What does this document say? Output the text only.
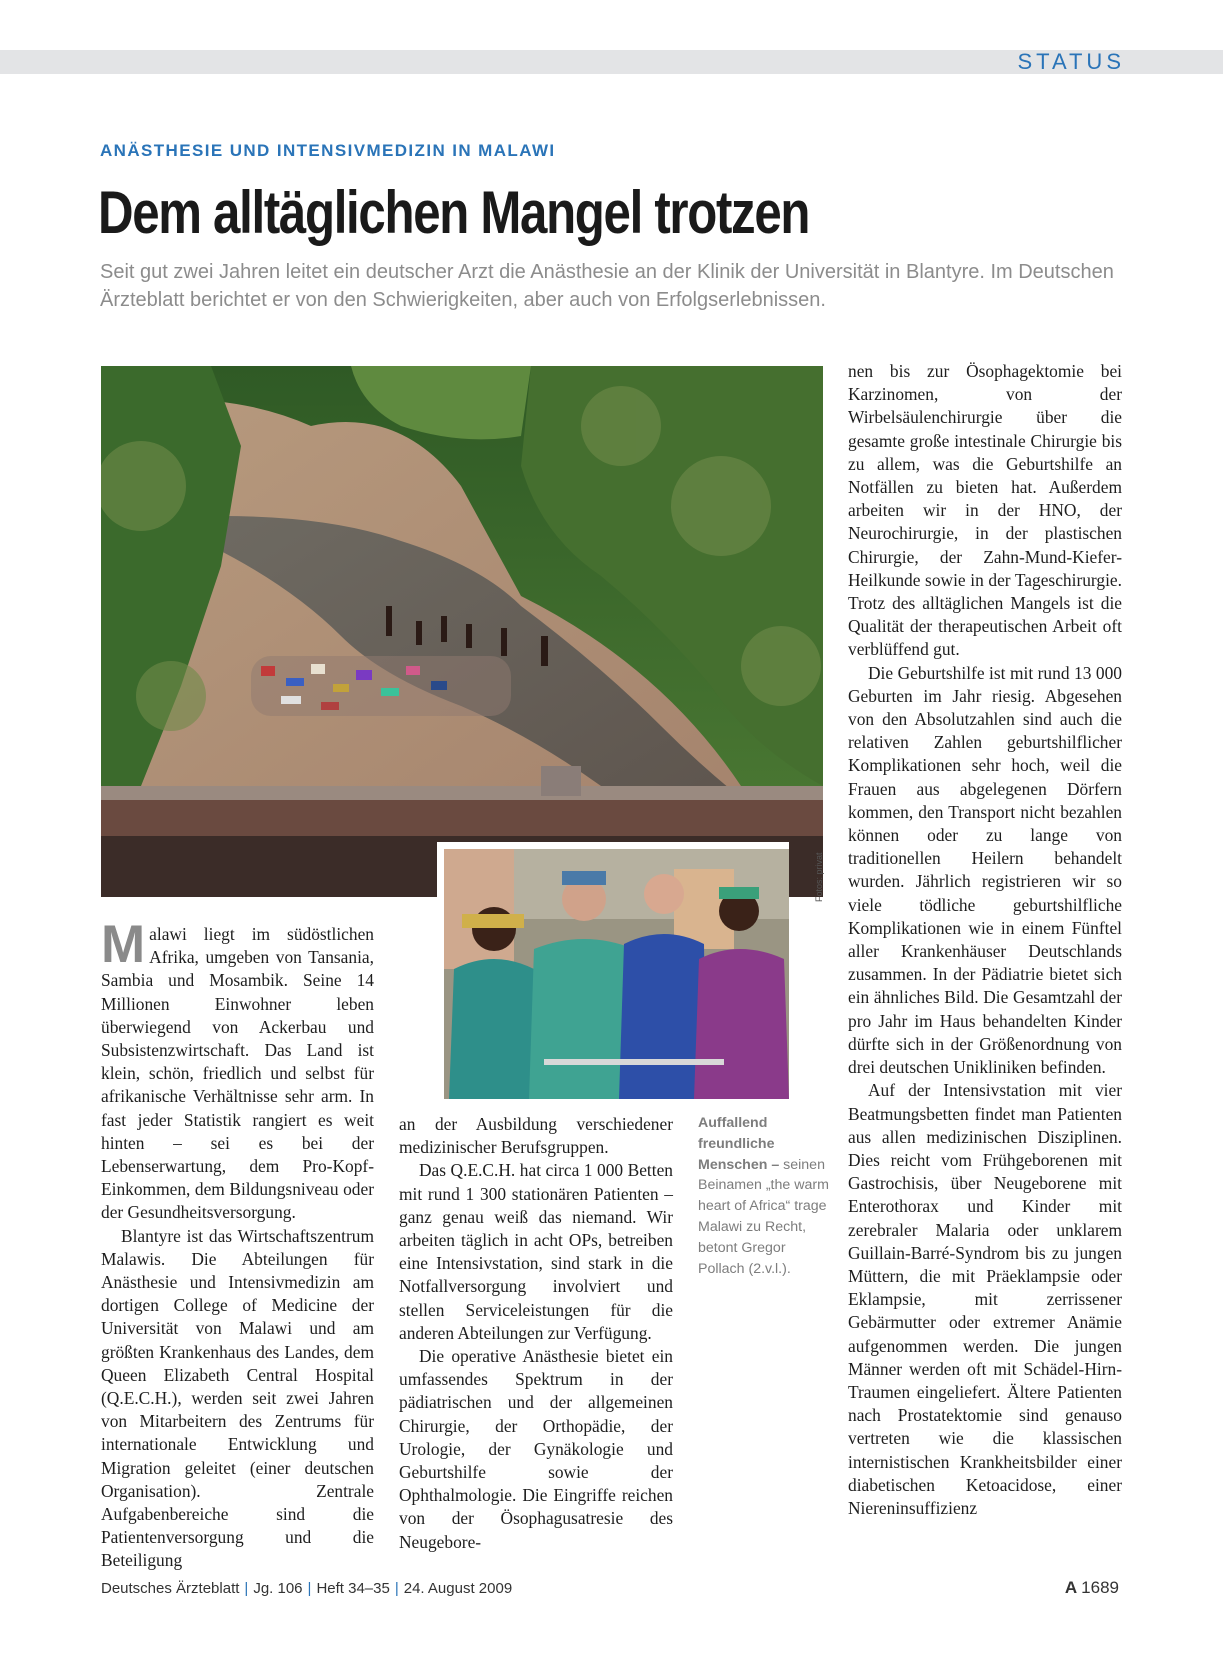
STATUS
ANÄSTHESIE UND INTENSIVMEDIZIN IN MALAWI
Dem alltäglichen Mangel trotzen
Seit gut zwei Jahren leitet ein deutscher Arzt die Anästhesie an der Klinik der Universität in Blantyre. Im Deutschen Ärzteblatt berichtet er von den Schwierigkeiten, aber auch von Erfolgserlebnissen.
Fotos: privat

Malawi liegt im südöstlichen Afrika, umgeben von Tansania, Sambia und Mosambik. Seine 14 Millionen Einwohner leben überwiegend von Ackerbau und Subsistenzwirtschaft. Das Land ist klein, schön, friedlich und selbst für afrikanische Verhältnisse sehr arm. In fast jeder Statistik rangiert es weit hinten – sei es bei der Lebenserwartung, dem Pro-Kopf-Einkommen, dem Bildungsniveau oder der Gesundheitsversorgung.

Blantyre ist das Wirtschaftszentrum Malawis. Die Abteilungen für Anästhesie und Intensivmedizin am dortigen College of Medicine der Universität von Malawi und am größten Krankenhaus des Landes, dem Queen Elizabeth Central Hospital (Q.E.C.H.), werden seit zwei Jahren von Mitarbeitern des Zentrums für internationale Entwicklung und Migration geleitet (einer deutschen Organisation). Zentrale Aufgabenbereiche sind die Patientenversorgung und die Beteiligung

an der Ausbildung verschiedener medizinischer Berufsgruppen.

Das Q.E.C.H. hat circa 1 000 Betten mit rund 1 300 stationären Patienten – ganz genau weiß das niemand. Wir arbeiten täglich in acht OPs, betreiben eine Intensivstation, sind stark in die Notfallversorgung involviert und stellen Serviceleistungen für die anderen Abteilungen zur Verfügung.

Die operative Anästhesie bietet ein umfassendes Spektrum in der pädiatrischen und der allgemeinen Chirurgie, der Orthopädie, der Urologie, der Gynäkologie und Geburtshilfe sowie der Ophthalmologie. Die Eingriffe reichen von der Ösophagusatresie des Neugebore-

Auffallend freundliche Menschen – seinen Beinamen „the warm heart of Africa“ trage Malawi zu Recht, betont Gregor Pollach (2.v.l.).

nen bis zur Ösophagektomie bei Karzinomen, von der Wirbelsäulenchirurgie über die gesamte große intestinale Chirurgie bis zu allem, was die Geburtshilfe an Notfällen zu bieten hat. Außerdem arbeiten wir in der HNO, der Neurochirurgie, in der plastischen Chirurgie, der Zahn-Mund-Kiefer-Heilkunde sowie in der Tageschirurgie. Trotz des alltäglichen Mangels ist die Qualität der therapeutischen Arbeit oft verblüffend gut.

Die Geburtshilfe ist mit rund 13 000 Geburten im Jahr riesig. Abgesehen von den Absolutzahlen sind auch die relativen Zahlen geburtshilflicher Komplikationen sehr hoch, weil die Frauen aus abgelegenen Dörfern kommen, den Transport nicht bezahlen können oder zu lange von traditionellen Heilern behandelt wurden. Jährlich registrieren wir so viele tödliche geburtshilfliche Komplikationen wie in einem Fünftel aller Krankenhäuser Deutschlands zusammen. In der Pädiatrie bietet sich ein ähnliches Bild. Die Gesamtzahl der pro Jahr im Haus behandelten Kinder dürfte sich in der Größenordnung von drei deutschen Unikliniken befinden.

Auf der Intensivstation mit vier Beatmungsbetten findet man Patienten aus allen medizinischen Disziplinen. Dies reicht vom Frühgeborenen mit Gastrochisis, über Neugeborene mit Enterothorax und Kinder mit zerebraler Malaria oder unklarem Guillain-Barré-Syndrom bis zu jungen Müttern, die mit Präeklampsie oder Eklampsie, mit zerrissener Gebärmutter oder extremer Anämie aufgenommen werden. Die jungen Männer werden oft mit Schädel-Hirn-Traumen eingeliefert. Ältere Patienten nach Prostatektomie sind genauso vertreten wie die klassischen internistischen Krankheitsbilder einer diabetischen Ketoacidose, einer Niereninsuffizienz

Deutsches Ärzteblatt | Jg. 106 | Heft 34–35 | 24. August 2009	A 1689
